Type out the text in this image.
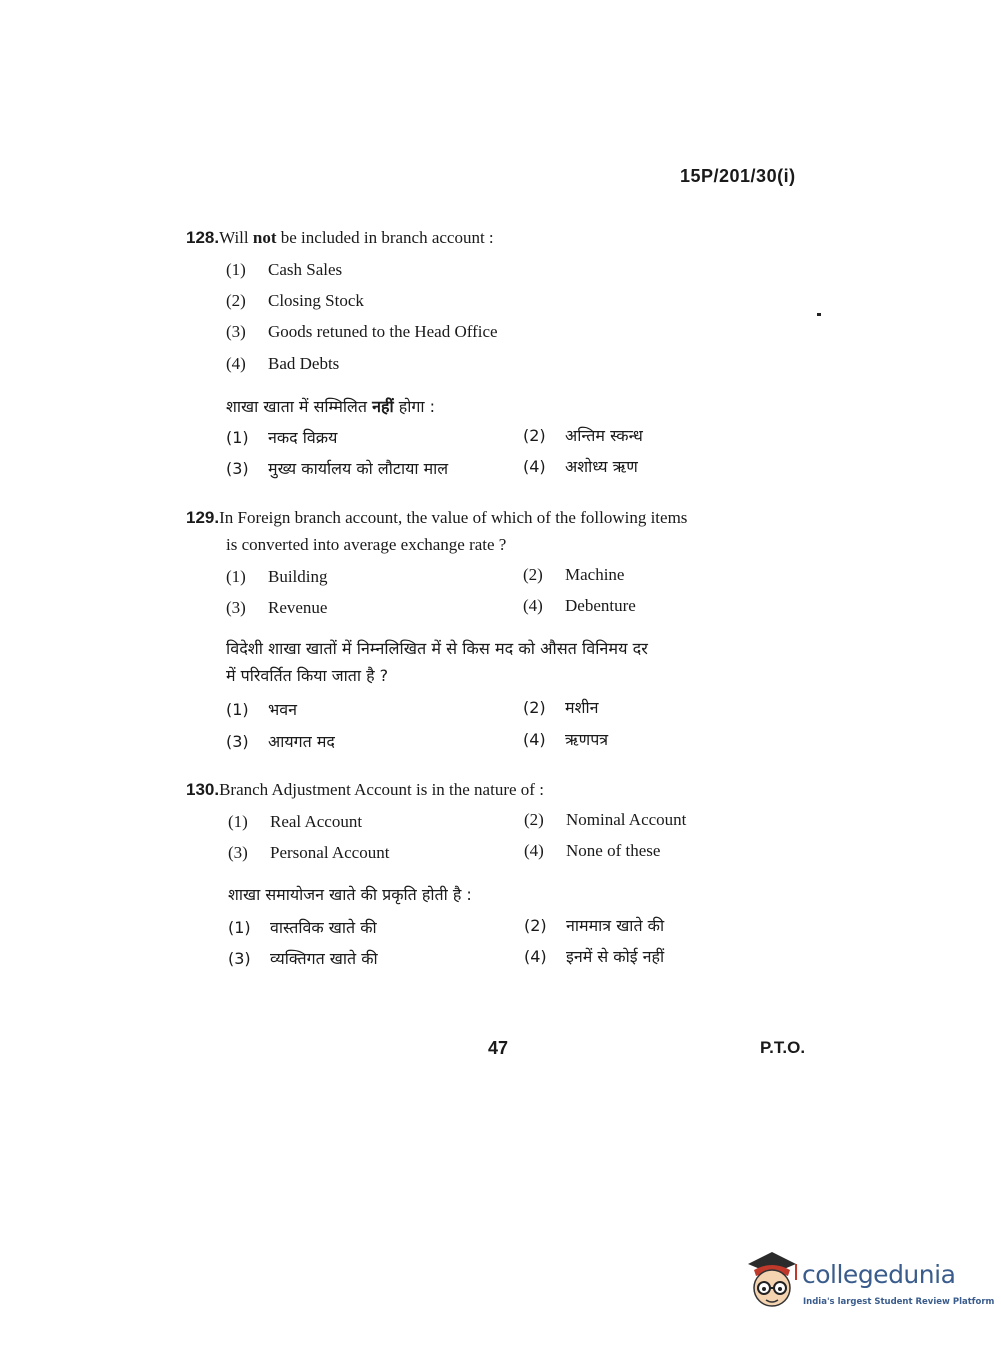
15P/201/30(i)
128.Will not be included in branch account :
(1) Cash Sales
(2) Closing Stock
(3) Goods retuned to the Head Office
(4) Bad Debts
शाखा खाता में सम्मिलित नहीं होगा :
(1) नकद विक्रय	(2) अन्तिम स्कन्ध
(3) मुख्य कार्यालय को लौटाया माल	(4) अशोध्य ऋण
129.In Foreign branch account, the value of which of the following items
is converted into average exchange rate ?
(1) Building	(2) Machine
(3) Revenue	(4) Debenture
विदेशी शाखा खातों में निम्नलिखित में से किस मद को औसत विनिमय दर
में परिवर्तित किया जाता है ?
(1) भवन	(2) मशीन
(3) आयगत मद	(4) ऋणपत्र
130.Branch Adjustment Account is in the nature of :
(1) Real Account	(2) Nominal Account
(3) Personal Account	(4) None of these
शाखा समायोजन खाते की प्रकृति होती है :
(1) वास्तविक खाते की	(2) नाममात्र खाते की
(3) व्यक्तिगत खाते की	(4) इनमें से कोई नहीं
47	P.T.O.
collegedunia
India's largest Student Review Platform
